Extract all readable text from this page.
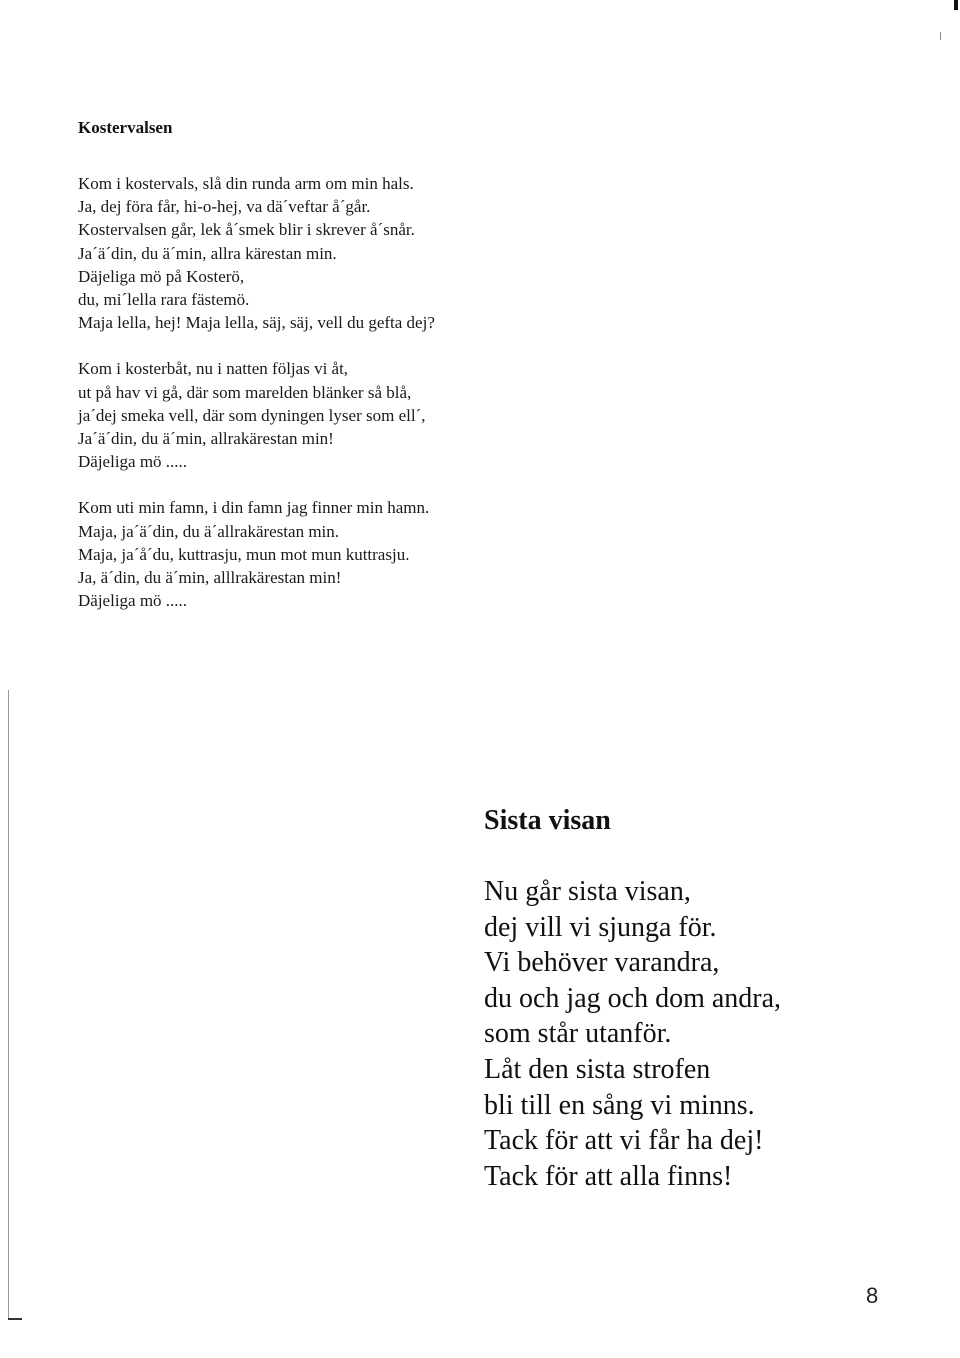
Kostervalsen
Kom i kostervals, slå din runda arm om min hals.
Ja, dej föra får, hi-o-hej, va dä´veftar å´går.
Kostervalsen går, lek å´smek blir i skrever å´snår.
Ja´ä´din, du ä´min, allra kärestan min.
Däjeliga mö på Kosterö,
du, mi´lella rara fästemö.
Maja lella, hej! Maja lella, säj, säj, vell du gefta dej?
Kom i kosterbåt, nu i natten följas vi åt,
ut på hav vi gå, där som marelden blänker så blå,
ja´dej smeka vell, där som dyningen lyser som ell´,
Ja´ä´din, du ä´min, allrakärestan min!
Däjeliga mö .....
Kom uti min famn, i din famn jag finner min hamn.
Maja, ja´ä´din, du ä´allrakärestan min.
Maja, ja´å´du, kuttrasju, mun mot mun kuttrasju.
Ja, ä´din, du ä´min, alllrakärestan min!
Däjeliga mö .....
Sista visan
Nu går sista visan,
dej vill vi sjunga för.
Vi behöver varandra,
du och jag och dom andra,
som står utanför.
Låt den sista strofen
bli till en sång vi minns.
Tack för att vi får ha dej!
Tack för att alla finns!
8
